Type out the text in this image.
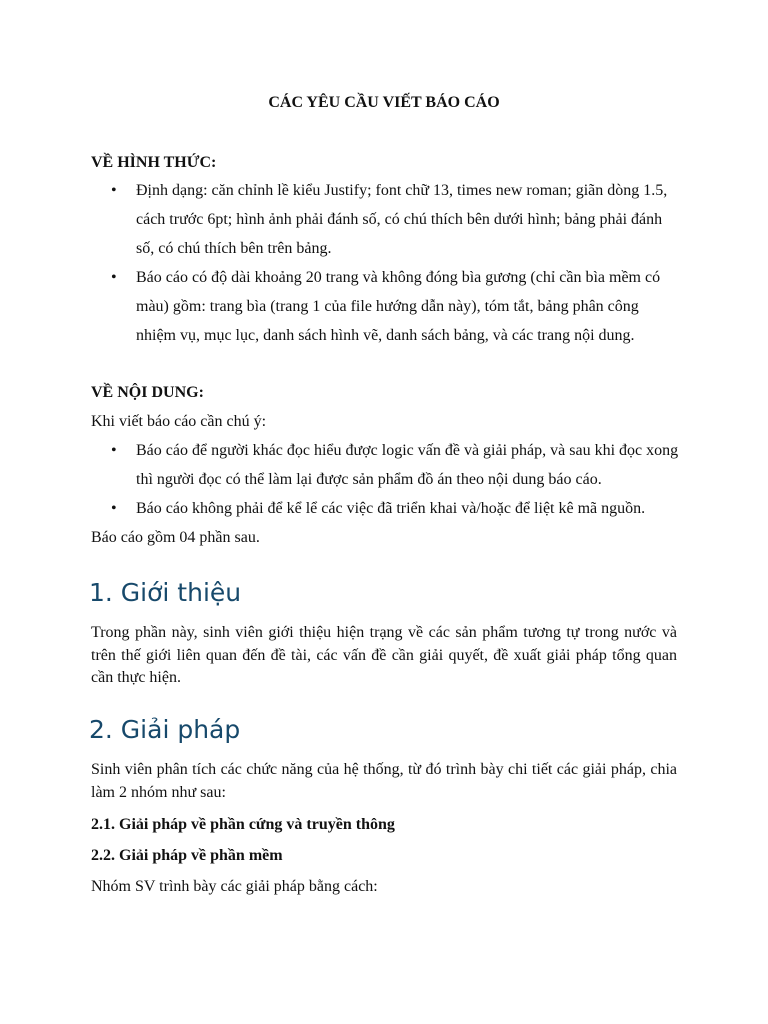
CÁC YÊU CẦU VIẾT BÁO CÁO
VỀ HÌNH THỨC:
• Định dạng: căn chỉnh lề kiểu Justify; font chữ 13, times new roman; giãn dòng 1.5, cách trước 6pt; hình ảnh phải đánh số, có chú thích bên dưới hình; bảng phải đánh số, có chú thích bên trên bảng.
• Báo cáo có độ dài khoảng 20 trang và không đóng bìa gương (chỉ cần bìa mềm có màu) gồm: trang bìa (trang 1 của file hướng dẫn này), tóm tắt, bảng phân công nhiệm vụ, mục lục, danh sách hình vẽ, danh sách bảng, và các trang nội dung.
VỀ NỘI DUNG:
Khi viết báo cáo cần chú ý:
• Báo cáo để người khác đọc hiểu được logic vấn đề và giải pháp, và sau khi đọc xong thì người đọc có thể làm lại được sản phẩm đồ án theo nội dung báo cáo.
• Báo cáo không phải để kể lể các việc đã triển khai và/hoặc để liệt kê mã nguồn.
Báo cáo gồm 04 phần sau.
1. Giới thiệu
Trong phần này, sinh viên giới thiệu hiện trạng về các sản phẩm tương tự trong nước và trên thế giới liên quan đến đề tài, các vấn đề cần giải quyết, đề xuất giải pháp tổng quan cần thực hiện.
2. Giải pháp
Sinh viên phân tích các chức năng của hệ thống, từ đó trình bày chi tiết các giải pháp, chia làm 2 nhóm như sau:
2.1. Giải pháp về phần cứng và truyền thông
2.2. Giải pháp về phần mềm
Nhóm SV trình bày các giải pháp bằng cách:
